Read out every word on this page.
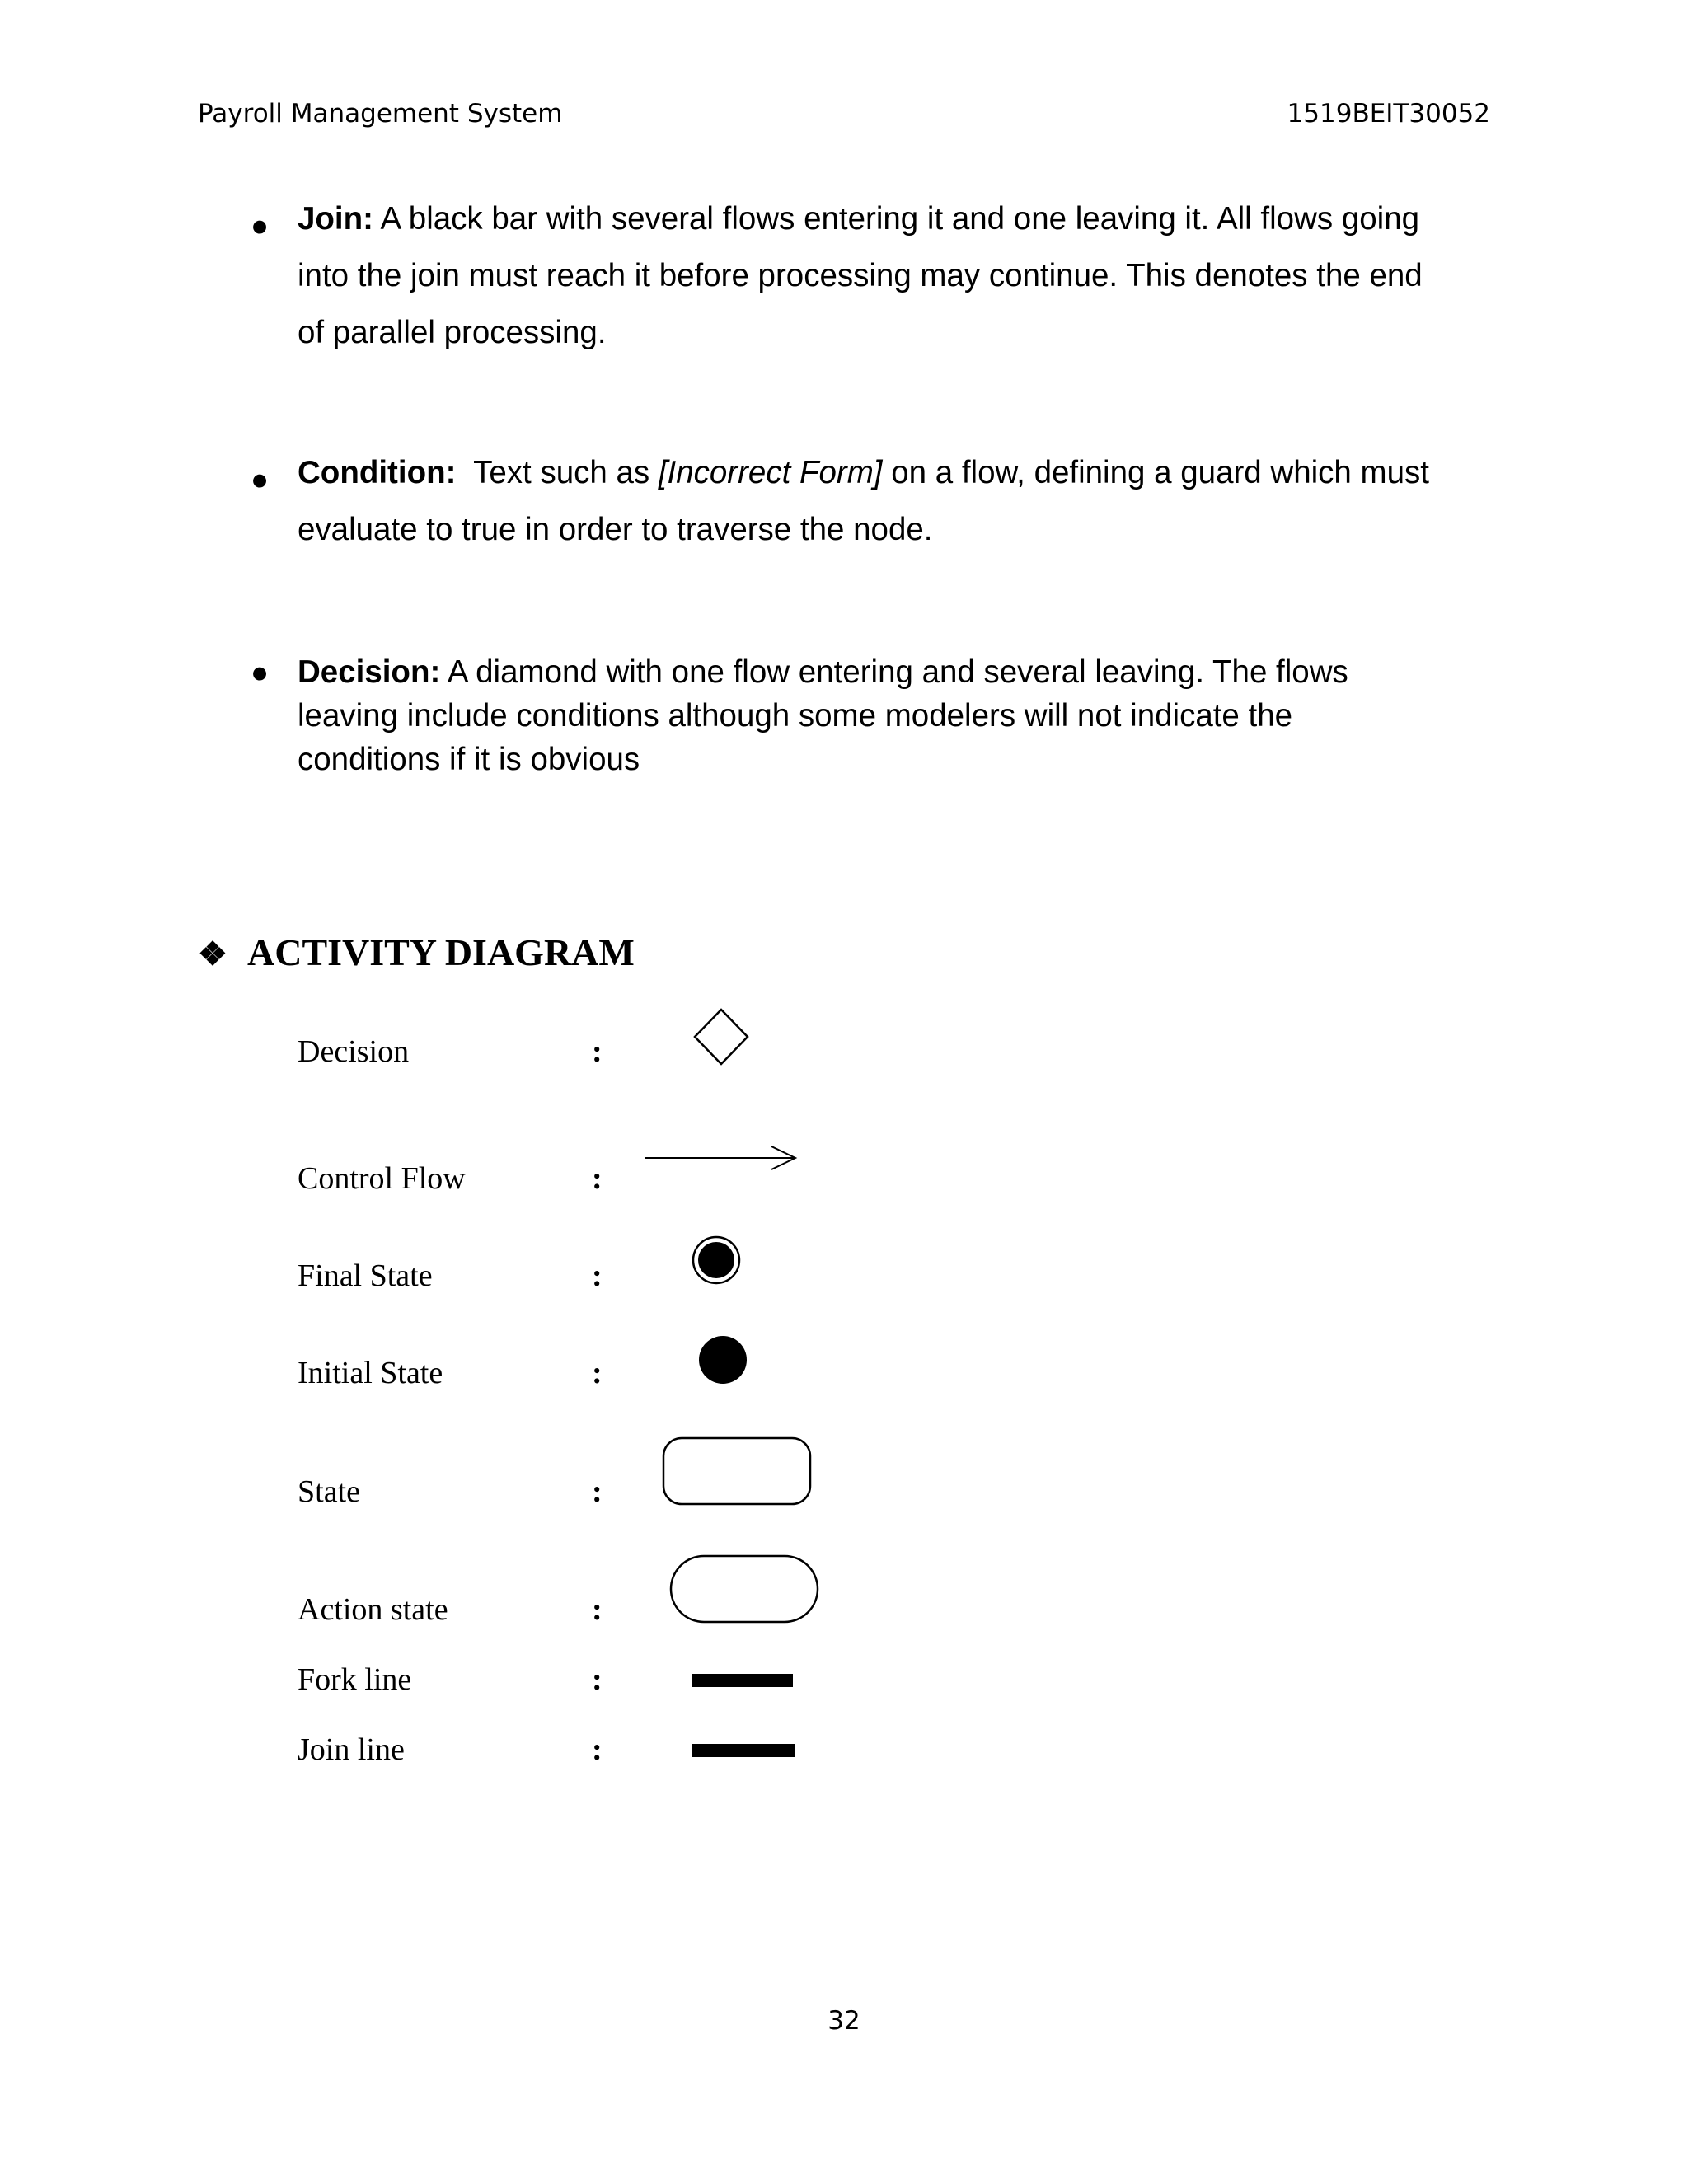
Payroll Management System	1519BEIT30052
● Join: A black bar with several flows entering it and one leaving it. All flows going
into the join must reach it before processing may continue. This denotes the end
of parallel processing.
● Condition:  Text such as [Incorrect Form] on a flow, defining a guard which must
evaluate to true in order to traverse the node.
● Decision: A diamond with one flow entering and several leaving. The flows
leaving include conditions although some modelers will not indicate the
conditions if it is obvious
❖ ACTIVITY DIAGRAM
Decision	:
Control Flow	:
Final State	:
Initial State	:
State	:
Action state	:
Fork line	:
Join line	:
32
